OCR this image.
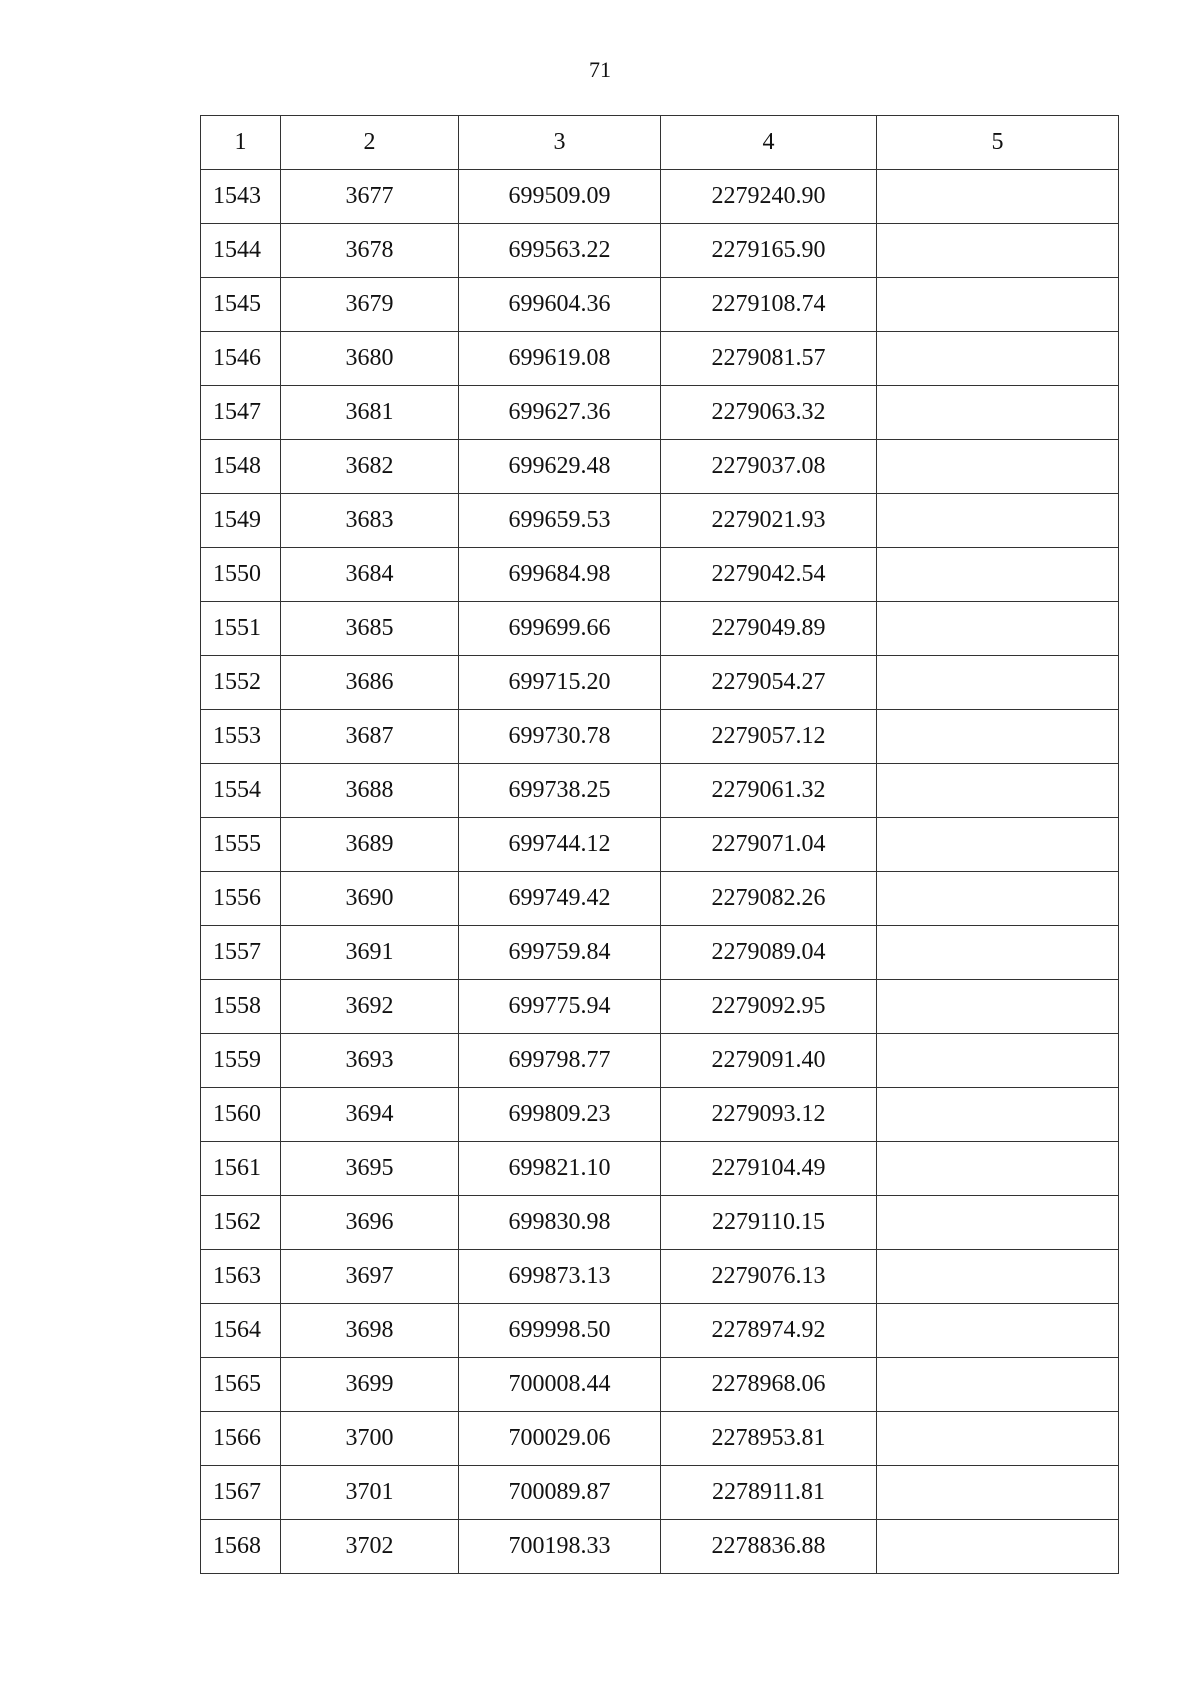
71
1	2	3	4	5
1543	3677	699509.09	2279240.90	
1544	3678	699563.22	2279165.90	
1545	3679	699604.36	2279108.74	
1546	3680	699619.08	2279081.57	
1547	3681	699627.36	2279063.32	
1548	3682	699629.48	2279037.08	
1549	3683	699659.53	2279021.93	
1550	3684	699684.98	2279042.54	
1551	3685	699699.66	2279049.89	
1552	3686	699715.20	2279054.27	
1553	3687	699730.78	2279057.12	
1554	3688	699738.25	2279061.32	
1555	3689	699744.12	2279071.04	
1556	3690	699749.42	2279082.26	
1557	3691	699759.84	2279089.04	
1558	3692	699775.94	2279092.95	
1559	3693	699798.77	2279091.40	
1560	3694	699809.23	2279093.12	
1561	3695	699821.10	2279104.49	
1562	3696	699830.98	2279110.15	
1563	3697	699873.13	2279076.13	
1564	3698	699998.50	2278974.92	
1565	3699	700008.44	2278968.06	
1566	3700	700029.06	2278953.81	
1567	3701	700089.87	2278911.81	
1568	3702	700198.33	2278836.88	
